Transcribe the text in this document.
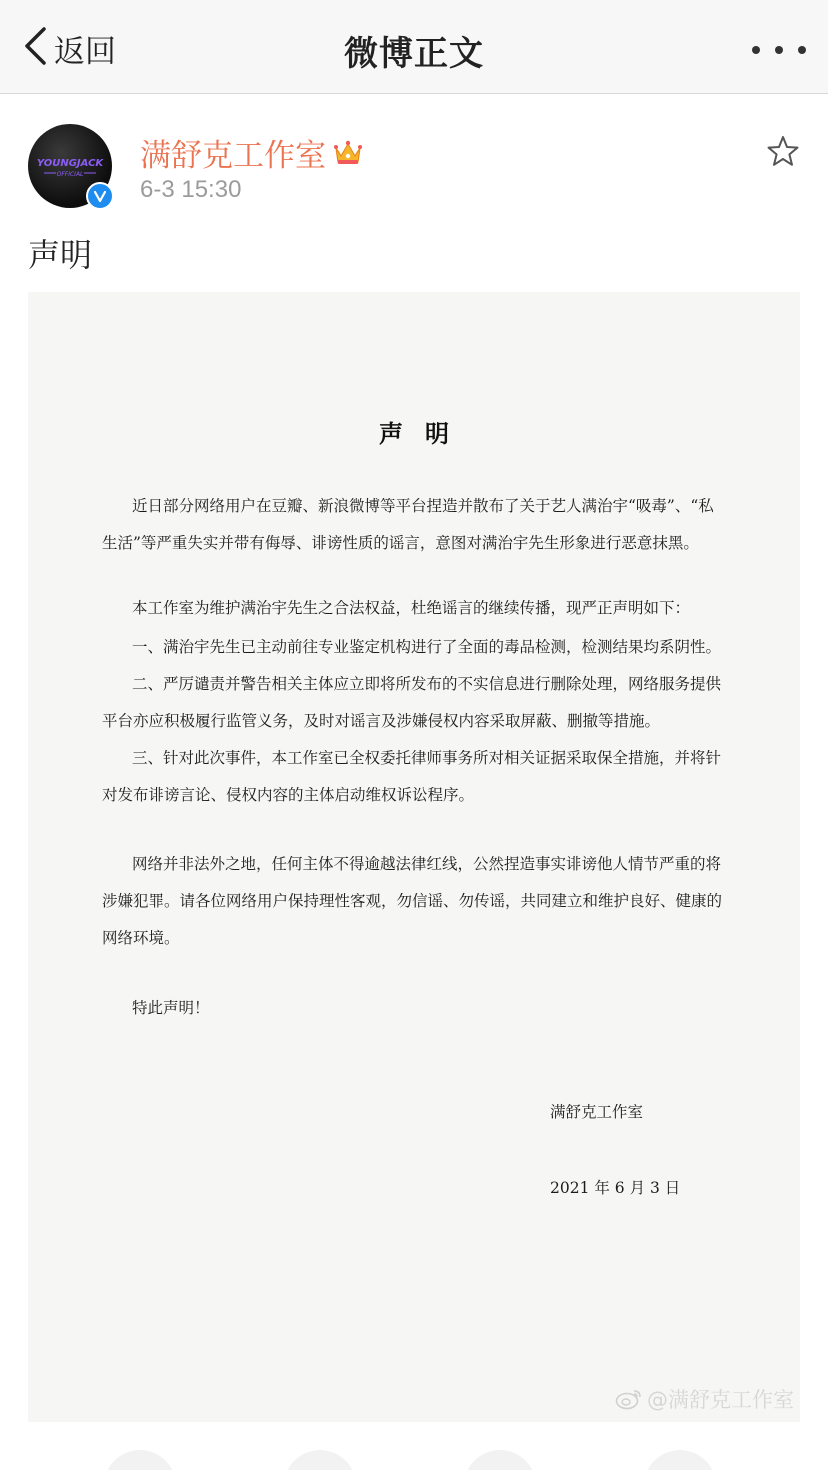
返回	微博正文
YOUNGJACK
OFFICIAL
满舒克工作室
6-3 15:30
声明
声明
近日部分网络用户在豆瓣、新浪微博等平台捏造并散布了关于艺人满治宇“吸毒”、“私生活”等严重失实并带有侮辱、诽谤性质的谣言，意图对满治宇先生形象进行恶意抹黑。
本工作室为维护满治宇先生之合法权益，杜绝谣言的继续传播，现严正声明如下：
一、满治宇先生已主动前往专业鉴定机构进行了全面的毒品检测，检测结果均系阴性。
二、严厉谴责并警告相关主体应立即将所发布的不实信息进行删除处理，网络服务提供平台亦应积极履行监管义务，及时对谣言及涉嫌侵权内容采取屏蔽、删撤等措施。
三、针对此次事件，本工作室已全权委托律师事务所对相关证据采取保全措施，并将针对发布诽谤言论、侵权内容的主体启动维权诉讼程序。
网络并非法外之地，任何主体不得逾越法律红线，公然捏造事实诽谤他人情节严重的将涉嫌犯罪。请各位网络用户保持理性客观，勿信谣、勿传谣，共同建立和维护良好、健康的网络环境。
特此声明！
满舒克工作室
2021 年 6 月 3 日
@满舒克工作室
